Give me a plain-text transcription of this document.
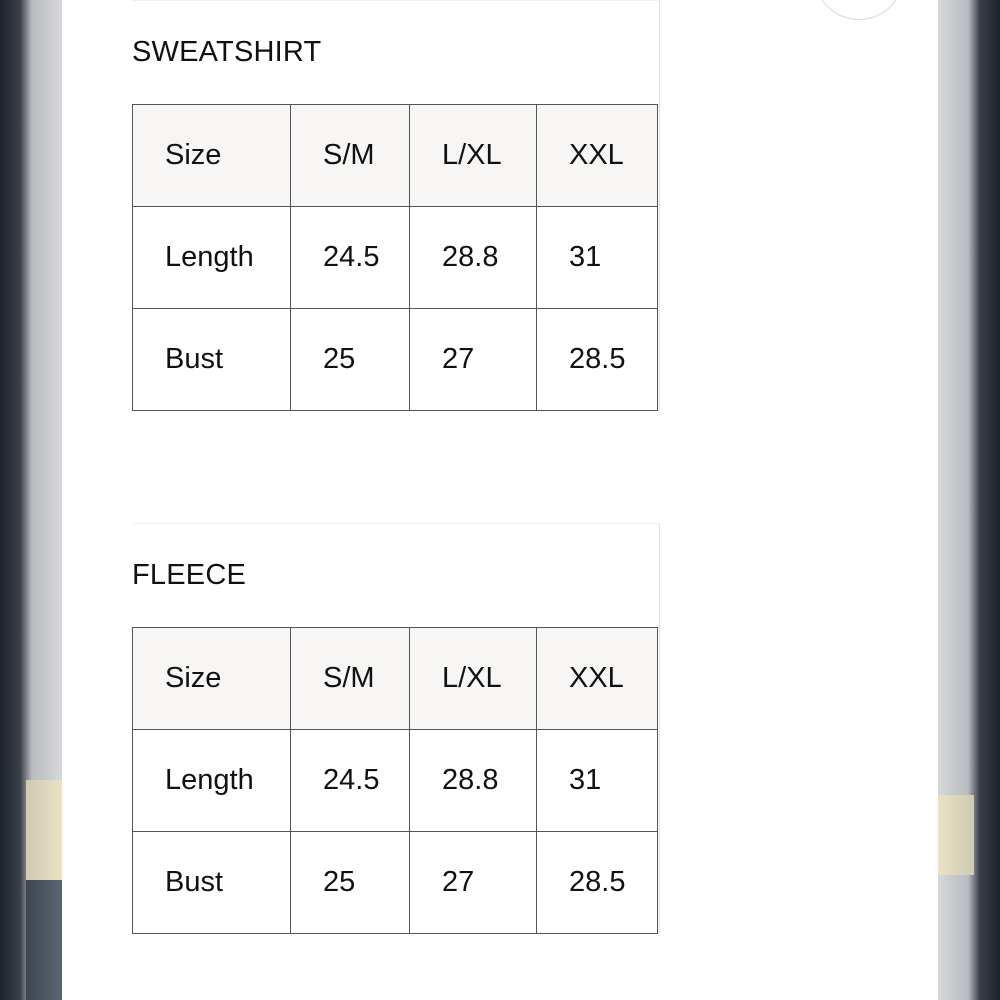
SWEATSHIRT
Size	S/M	L/XL	XXL
Length	24.5	28.8	31
Bust	25	27	28.5
FLEECE
Size	S/M	L/XL	XXL
Length	24.5	28.8	31
Bust	25	27	28.5
